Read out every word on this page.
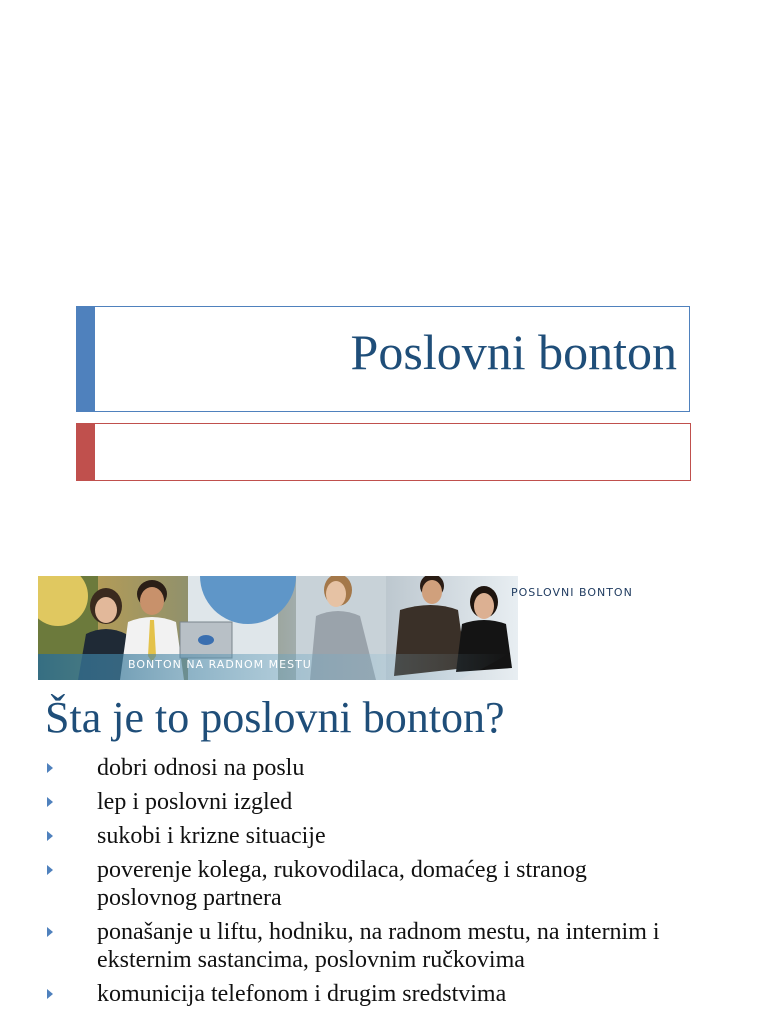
Poslovni bonton
POSLOVNI BONTON
BONTON NA RADNOM MESTU
Šta je to poslovni bonton?
dobri odnosi na poslu
lep i poslovni izgled
sukobi i krizne situacije
poverenje kolega, rukovodilaca, domaćeg i stranog poslovnog partnera
ponašanje u liftu, hodniku, na radnom mestu, na internim i eksternim sastancima, poslovnim ručkovima
komunicija telefonom i drugim sredstvima
